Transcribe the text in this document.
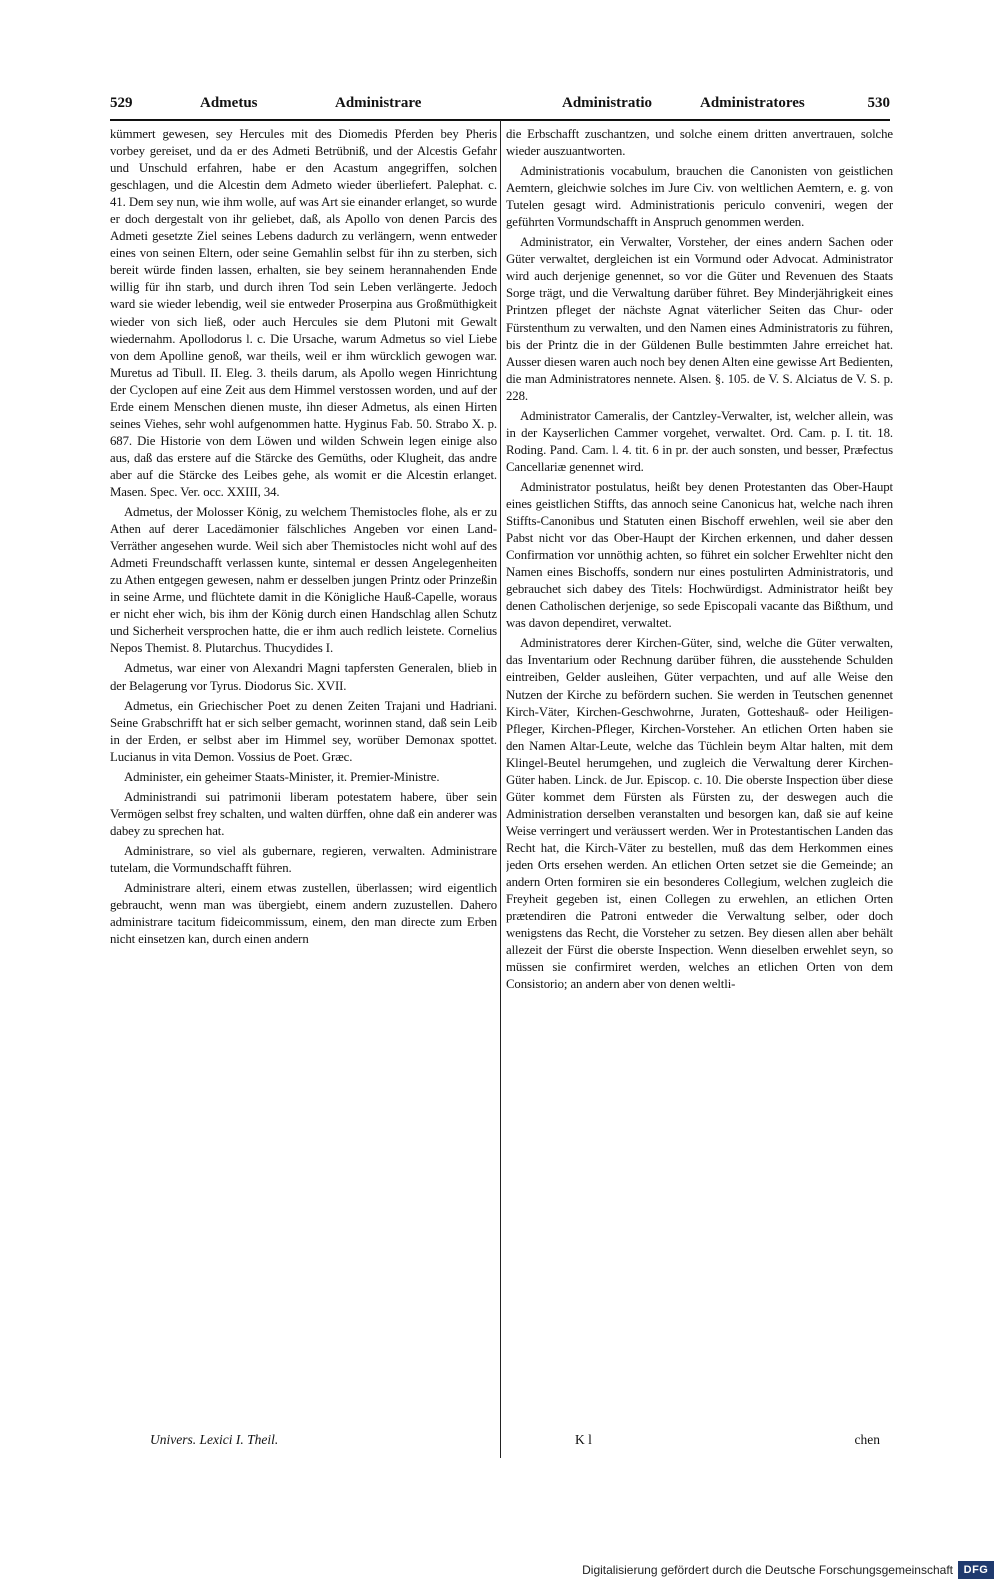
529	Admetus	Administrare	Administratio	Administratores	530

kümmert gewesen, sey Hercules mit des Diomedis Pferden bey Pheris vorbey gereiset, und da er des Admeti Betrübniß, und der Alcestis Gefahr und Unschuld erfahren, habe er den Acastum angegriffen, solchen geschlagen, und die Alcestin dem Admeto wieder überliefert. Palephat. c. 41. Dem sey nun, wie ihm wolle, auf was Art sie einander erlanget, so wurde er doch dergestalt von ihr geliebet, daß, als Apollo von denen Parcis des Admeti gesetzte Ziel seines Lebens dadurch zu verlängern, wenn entweder eines von seinen Eltern, oder seine Gemahlin selbst für ihn zu sterben, sich bereit würde finden lassen, erhalten, sie bey seinem herannahenden Ende willig für ihn starb, und durch ihren Tod sein Leben verlängerte. Jedoch ward sie wieder lebendig, weil sie entweder Proserpina aus Großmüthigkeit wieder von sich ließ, oder auch Hercules sie dem Plutoni mit Gewalt wiedernahm. Apollodorus l. c. Die Ursache, warum Admetus so viel Liebe von dem Apolline genoß, war theils, weil er ihm würcklich gewogen war. Muretus ad Tibull. II. Eleg. 3. theils darum, als Apollo wegen Hinrichtung der Cyclopen auf eine Zeit aus dem Himmel verstossen worden, und auf der Erde einem Menschen dienen muste, ihn dieser Admetus, als einen Hirten seines Viehes, sehr wohl aufgenommen hatte. Hyginus Fab. 50. Strabo X. p. 687. Die Historie von dem Löwen und wilden Schwein legen einige also aus, daß das erstere auf die Stärcke des Gemüths, oder Klugheit, das andre aber auf die Stärcke des Leibes gehe, als womit er die Alcestin erlanget. Masen. Spec. Ver. occ. XXIII, 34.

Admetus, der Molosser König, zu welchem Themistocles flohe, als er zu Athen auf derer Lacedämonier fälschliches Angeben vor einen Land-Verräther angesehen wurde. Weil sich aber Themistocles nicht wohl auf des Admeti Freundschafft verlassen kunte, sintemal er dessen Angelegenheiten zu Athen entgegen gewesen, nahm er desselben jungen Printz oder Prinzeßin in seine Arme, und flüchtete damit in die Königliche Hauß-Capelle, woraus er nicht eher wich, bis ihm der König durch einen Handschlag allen Schutz und Sicherheit versprochen hatte, die er ihm auch redlich leistete. Cornelius Nepos Themist. 8. Plutarchus. Thucydides I.

Admetus, war einer von Alexandri Magni tapfersten Generalen, blieb in der Belagerung vor Tyrus. Diodorus Sic. XVII.

Admetus, ein Griechischer Poet zu denen Zeiten Trajani und Hadriani. Seine Grabschrifft hat er sich selber gemacht, worinnen stand, daß sein Leib in der Erden, er selbst aber im Himmel sey, worüber Demonax spottet. Lucianus in vita Demon. Vossius de Poet. Græc.

Administer, ein geheimer Staats-Minister, it. Premier-Ministre.

Administrandi sui patrimonii liberam potestatem habere, über sein Vermögen selbst frey schalten, und walten dürffen, ohne daß ein anderer was dabey zu sprechen hat.

Administrare, so viel als gubernare, regieren, verwalten. Administrare tutelam, die Vormundschafft führen.

Administrare alteri, einem etwas zustellen, überlassen; wird eigentlich gebraucht, wenn man was übergiebt, einem andern zuzustellen. Dahero administrare tacitum fideicommissum, einem, den man directe zum Erben nicht einsetzen kan, durch einen andern

die Erbschafft zuschantzen, und solche einem dritten anvertrauen, solche wieder auszuantworten.

Administrationis vocabulum, brauchen die Canonisten von geistlichen Aemtern, gleichwie solches im Jure Civ. von weltlichen Aemtern, e. g. von Tutelen gesagt wird. Administrationis periculo conveniri, wegen der geführten Vormundschafft in Anspruch genommen werden.

Administrator, ein Verwalter, Vorsteher, der eines andern Sachen oder Güter verwaltet, dergleichen ist ein Vormund oder Advocat. Administrator wird auch derjenige genennet, so vor die Güter und Revenuen des Staats Sorge trägt, und die Verwaltung darüber führet. Bey Minderjährigkeit eines Printzen pfleget der nächste Agnat väterlicher Seiten das Chur- oder Fürstenthum zu verwalten, und den Namen eines Administratoris zu führen, bis der Printz die in der Güldenen Bulle bestimmten Jahre erreichet hat. Ausser diesen waren auch noch bey denen Alten eine gewisse Art Bedienten, die man Administratores nennete. Alsen. §. 105. de V. S. Alciatus de V. S. p. 228.

Administrator Cameralis, der Cantzley-Verwalter, ist, welcher allein, was in der Kayserlichen Cammer vorgehet, verwaltet. Ord. Cam. p. I. tit. 18. Roding. Pand. Cam. l. 4. tit. 6 in pr. der auch sonsten, und besser, Præfectus Cancellariæ genennet wird.

Administrator postulatus, heißt bey denen Protestanten das Ober-Haupt eines geistlichen Stiffts, das annoch seine Canonicus hat, welche nach ihren Stiffts-Canonibus und Statuten einen Bischoff erwehlen, weil sie aber den Pabst nicht vor das Ober-Haupt der Kirchen erkennen, und daher dessen Confirmation vor unnöthig achten, so führet ein solcher Erwehlter nicht den Namen eines Bischoffs, sondern nur eines postulirten Administratoris, und gebrauchet sich dabey des Titels: Hochwürdigst. Administrator heißt bey denen Catholischen derjenige, so sede Episcopali vacante das Bißthum, und was davon dependiret, verwaltet.

Administratores derer Kirchen-Güter, sind, welche die Güter verwalten, das Inventarium oder Rechnung darüber führen, die ausstehende Schulden eintreiben, Gelder ausleihen, Güter verpachten, und auf alle Weise den Nutzen der Kirche zu befördern suchen. Sie werden in Teutschen genennet Kirch-Väter, Kirchen-Geschwohrne, Juraten, Gotteshauß- oder Heiligen-Pfleger, Kirchen-Pfleger, Kirchen-Vorsteher. An etlichen Orten haben sie den Namen Altar-Leute, welche das Tüchlein beym Altar halten, mit dem Klingel-Beutel herumgehen, und zugleich die Verwaltung derer Kirchen-Güter haben. Linck. de Jur. Episcop. c. 10. Die oberste Inspection über diese Güter kommet dem Fürsten als Fürsten zu, der deswegen auch die Administration derselben veranstalten und besorgen kan, daß sie auf keine Weise verringert und veräussert werden. Wer in Protestantischen Landen das Recht hat, die Kirch-Väter zu bestellen, muß das dem Herkommen eines jeden Orts ersehen werden. An etlichen Orten setzet sie die Gemeinde; an andern Orten formiren sie ein besonderes Collegium, welchen zugleich die Freyheit gegeben ist, einen Collegen zu erwehlen, an etlichen Orten prætendiren die Patroni entweder die Verwaltung selber, oder doch wenigstens das Recht, die Vorsteher zu setzen. Bey diesen allen aber behält allezeit der Fürst die oberste Inspection. Wenn dieselben erwehlet seyn, so müssen sie confirmiret werden, welches an etlichen Orten von dem Consistorio; an andern aber von denen weltli-

Univers. Lexici I. Theil.	K l	chen
Digitalisierung gefördert durch die Deutsche Forschungsgemeinschaft DFG
